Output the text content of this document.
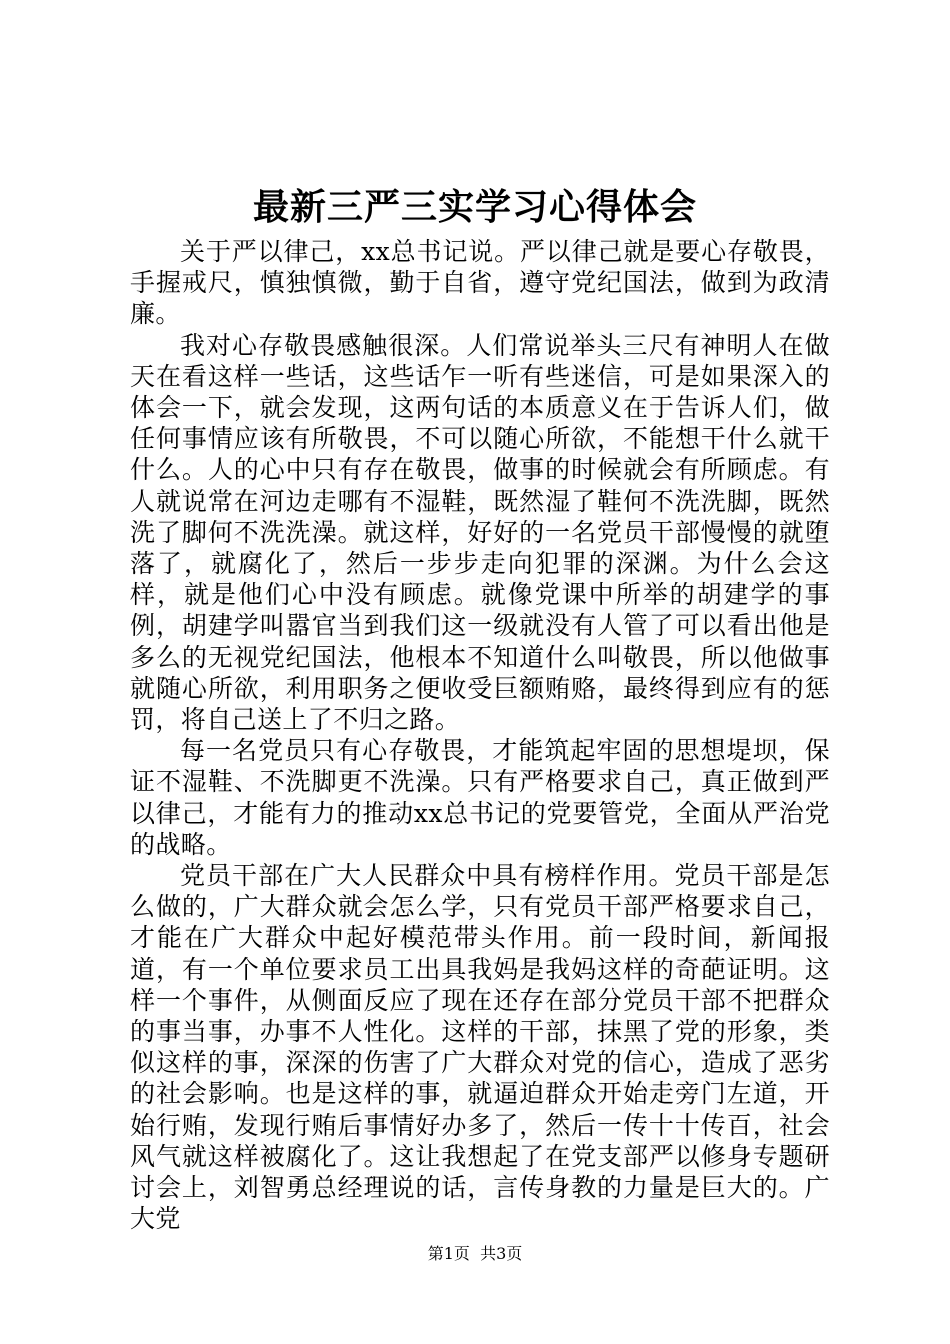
最新三严三实学习心得体会

关于严以律己，xx总书记说。严以律己就是要心存敬畏，手握戒尺，慎独慎微，勤于自省，遵守党纪国法，做到为政清廉。

我对心存敬畏感触很深。人们常说举头三尺有神明人在做天在看这样一些话，这些话乍一听有些迷信，可是如果深入的体会一下，就会发现，这两句话的本质意义在于告诉人们，做任何事情应该有所敬畏，不可以随心所欲，不能想干什么就干什么。人的心中只有存在敬畏，做事的时候就会有所顾虑。有人就说常在河边走哪有不湿鞋，既然湿了鞋何不洗洗脚，既然洗了脚何不洗洗澡。就这样，好好的一名党员干部慢慢的就堕落了，就腐化了，然后一步步走向犯罪的深渊。为什么会这样，就是他们心中没有顾虑。就像党课中所举的胡建学的事例，胡建学叫嚣官当到我们这一级就没有人管了可以看出他是多么的无视党纪国法，他根本不知道什么叫敬畏，所以他做事就随心所欲，利用职务之便收受巨额贿赂，最终得到应有的惩罚，将自己送上了不归之路。

每一名党员只有心存敬畏，才能筑起牢固的思想堤坝，保证不湿鞋、不洗脚更不洗澡。只有严格要求自己，真正做到严以律己，才能有力的推动xx总书记的党要管党，全面从严治党的战略。

党员干部在广大人民群众中具有榜样作用。党员干部是怎么做的，广大群众就会怎么学，只有党员干部严格要求自己，才能在广大群众中起好模范带头作用。前一段时间，新闻报道，有一个单位要求员工出具我妈是我妈这样的奇葩证明。这样一个事件，从侧面反应了现在还存在部分党员干部不把群众的事当事，办事不人性化。这样的干部，抹黑了党的形象，类似这样的事，深深的伤害了广大群众对党的信心，造成了恶劣的社会影响。也是这样的事，就逼迫群众开始走旁门左道，开始行贿，发现行贿后事情好办多了，然后一传十十传百，社会风气就这样被腐化了。这让我想起了在党支部严以修身专题研讨会上，刘智勇总经理说的话，言传身教的力量是巨大的。广大党

第1页 共3页
